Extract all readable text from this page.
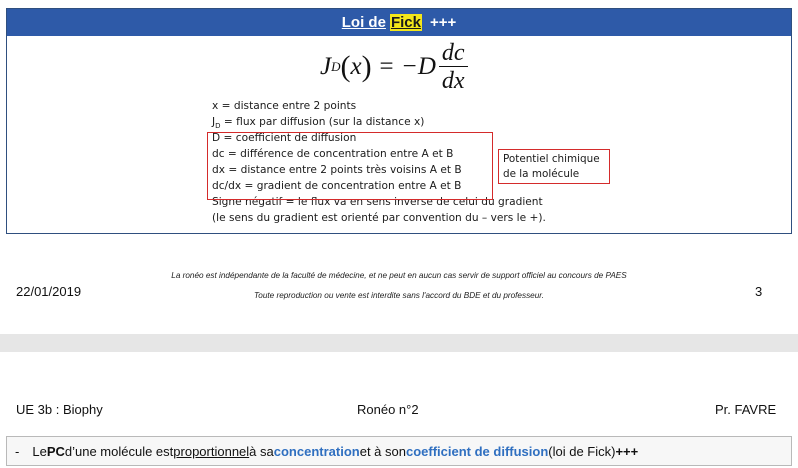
Loi de Fick +++
J D ( x )
= $-D \frac{dc}{dx}$
x = distance entre 2 points
$J_D$ = flux par diffusion (sur la distance x)
D = coefficient de diffusion
dc = différence de concentration entre A et B
dx = distance entre 2 points très voisins A et B
dc/dx = gradient de concentration entre A et B
Signe négatif = le flux va en sens inverse de celui du gradient
(le sens du gradient est orienté par convention du – vers le +).
Potentiel chimique
de la molécule
La ronéo est indépendante de la faculté de médecine, et ne peut en aucun cas servir de support officiel au concours de PAES
Toute reproduction ou vente est interdite sans l'accord du BDE et du professeur.
22/01/2019	3
UE 3b : Biophy	Ronéo n°2	Pr. FAVRE
- Le PC d’une molécule est proportionnel à sa concentration et à son coefficient de diffusion (loi de Fick) +++
